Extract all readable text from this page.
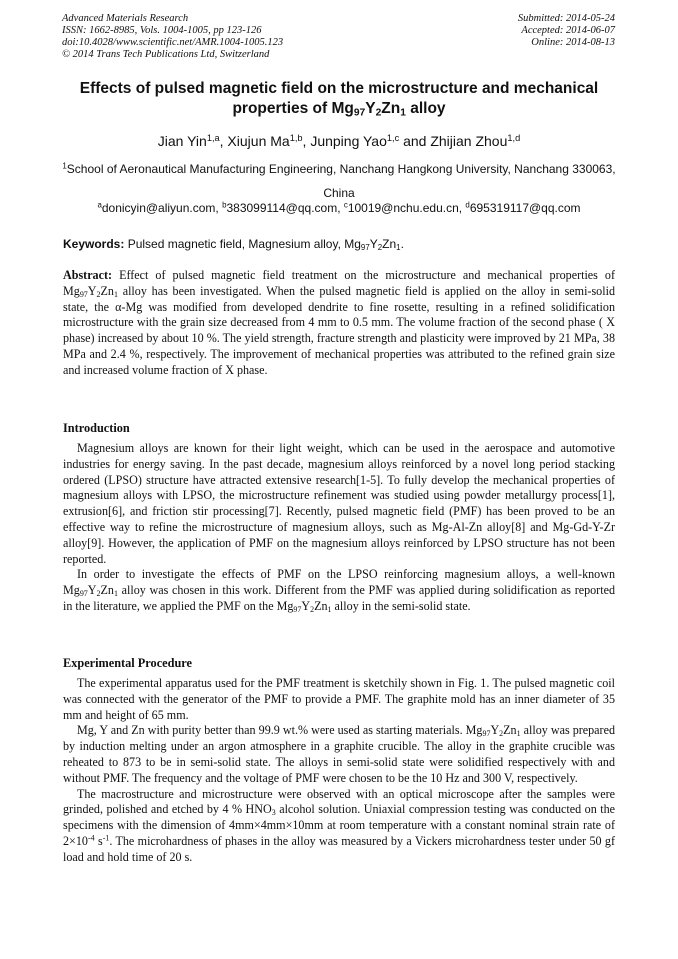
Advanced Materials Research
ISSN: 1662-8985, Vols. 1004-1005, pp 123-126
doi:10.4028/www.scientific.net/AMR.1004-1005.123
© 2014 Trans Tech Publications Ltd, Switzerland
Submitted: 2014-05-24
Accepted: 2014-06-07
Online: 2014-08-13
Effects of pulsed magnetic field on the microstructure and mechanical
properties of $Mg_{97}Y_2Zn_1$ alloy
Jian Yin$^{1,a}$, Xiujun Ma$^{1,b}$, Junping Yao$^{1,c}$ and Zhijian Zhou$^{1,d}$
$^1$School of Aeronautical Manufacturing Engineering, Nanchang Hangkong University, Nanchang 330063, China
$^a$donicyin@aliyun.com, $^b$383099114@qq.com, $^c$10019@nchu.edu.cn, $^d$695319117@qq.com
Keywords: Pulsed magnetic field, Magnesium alloy, $Mg_{97}Y_2Zn_1$.

Abstract: Effect of pulsed magnetic field treatment on the microstructure and mechanical properties of $Mg_{97}Y_2Zn_1$ alloy has been investigated. When the pulsed magnetic field is applied on the alloy in semi-solid state, the α-Mg was modified from developed dendrite to fine rosette, resulting in a refined solidification microstructure with the grain size decreased from 4 mm to 0.5 mm. The volume fraction of the second phase ( X phase) increased by about 10 %. The yield strength, fracture strength and plasticity were improved by 21 MPa, 38 MPa and 2.4 %, respectively. The improvement of mechanical properties was attributed to the refined grain size and increased volume fraction of X phase.

Introduction

Magnesium alloys are known for their light weight, which can be used in the aerospace and automotive industries for energy saving. In the past decade, magnesium alloys reinforced by a novel long period stacking ordered (LPSO) structure have attracted extensive research[1-5]. To fully develop the mechanical properties of magnesium alloys with LPSO, the microstructure refinement was studied using powder metallurgy process[1], extrusion[6], and friction stir processing[7]. Recently, pulsed magnetic field (PMF) has been proved to be an effective way to refine the microstructure of magnesium alloys, such as Mg-Al-Zn alloy[8] and Mg-Gd-Y-Zr alloy[9]. However, the application of PMF on the magnesium alloys reinforced by LPSO structure has not been reported.

In order to investigate the effects of PMF on the LPSO reinforcing magnesium alloys, a well-known $Mg_{97}Y_2Zn_1$ alloy was chosen in this work. Different from the PMF was applied during solidification as reported in the literature, we applied the PMF on the $Mg_{97}Y_2Zn_1$ alloy in the semi-solid state.

Experimental Procedure

The experimental apparatus used for the PMF treatment is sketchily shown in Fig. 1. The pulsed magnetic coil was connected with the generator of the PMF to provide a PMF. The graphite mold has an inner diameter of 35 mm and height of 65 mm.

Mg, Y and Zn with purity better than 99.9 wt.% were used as starting materials. $Mg_{97}Y_2Zn_1$ alloy was prepared by induction melting under an argon atmosphere in a graphite crucible. The alloy in the graphite crucible was reheated to 873 to be in semi-solid state. The alloys in semi-solid state were solidified respectively with and without PMF. The frequency and the voltage of PMF were chosen to be the 10 Hz and 300 V, respectively.

The macrostructure and microstructure were observed with an optical microscope after the samples were grinded, polished and etched by 4 % $HNO_3$ alcohol solution. Uniaxial compression testing was conducted on the specimens with the dimension of 4mm×4mm×10mm at room temperature with a constant nominal strain rate of $2\times 10^{-4}$ $s^{-1}$. The microhardness of phases in the alloy was measured by a Vickers microhardness tester under 50 gf load and hold time of 20 s.
